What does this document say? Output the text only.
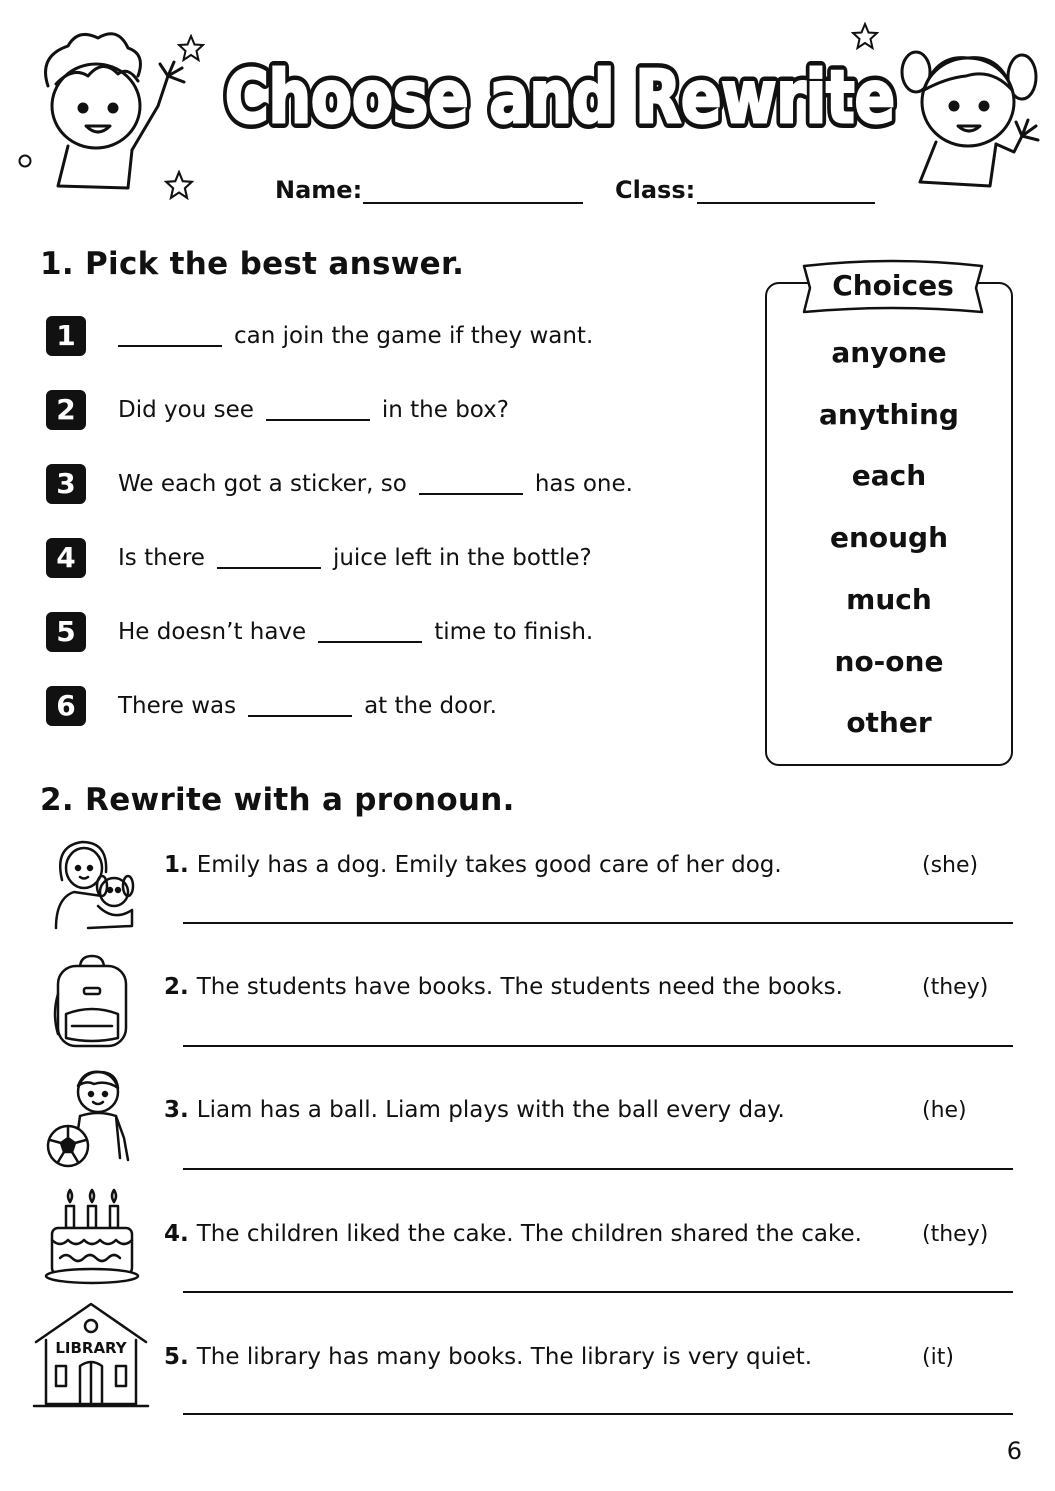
Choose and Rewrite
Choose and Rewrite
Name:	Class:
1. Pick the best answer.
1	can join the game if they want.
2	Did you see	in the box?
3	We each got a sticker, so	has one.
4	Is there	juice left in the bottle?
5	He doesn’t have	time to finish.
6	There was	at the door.
Choices
anyone
anything
each
enough
much
no-one
other
2. Rewrite with a pronoun.
1. Emily has a dog. Emily takes good care of her dog.	(she)
2. The students have books. The students need the books.	(they)
3. Liam has a ball. Liam plays with the ball every day.	(he)
4. The children liked the cake. The children shared the cake.	(they)
LIBRARY 5. The library has many books. The library is very quiet.	(it)
6
